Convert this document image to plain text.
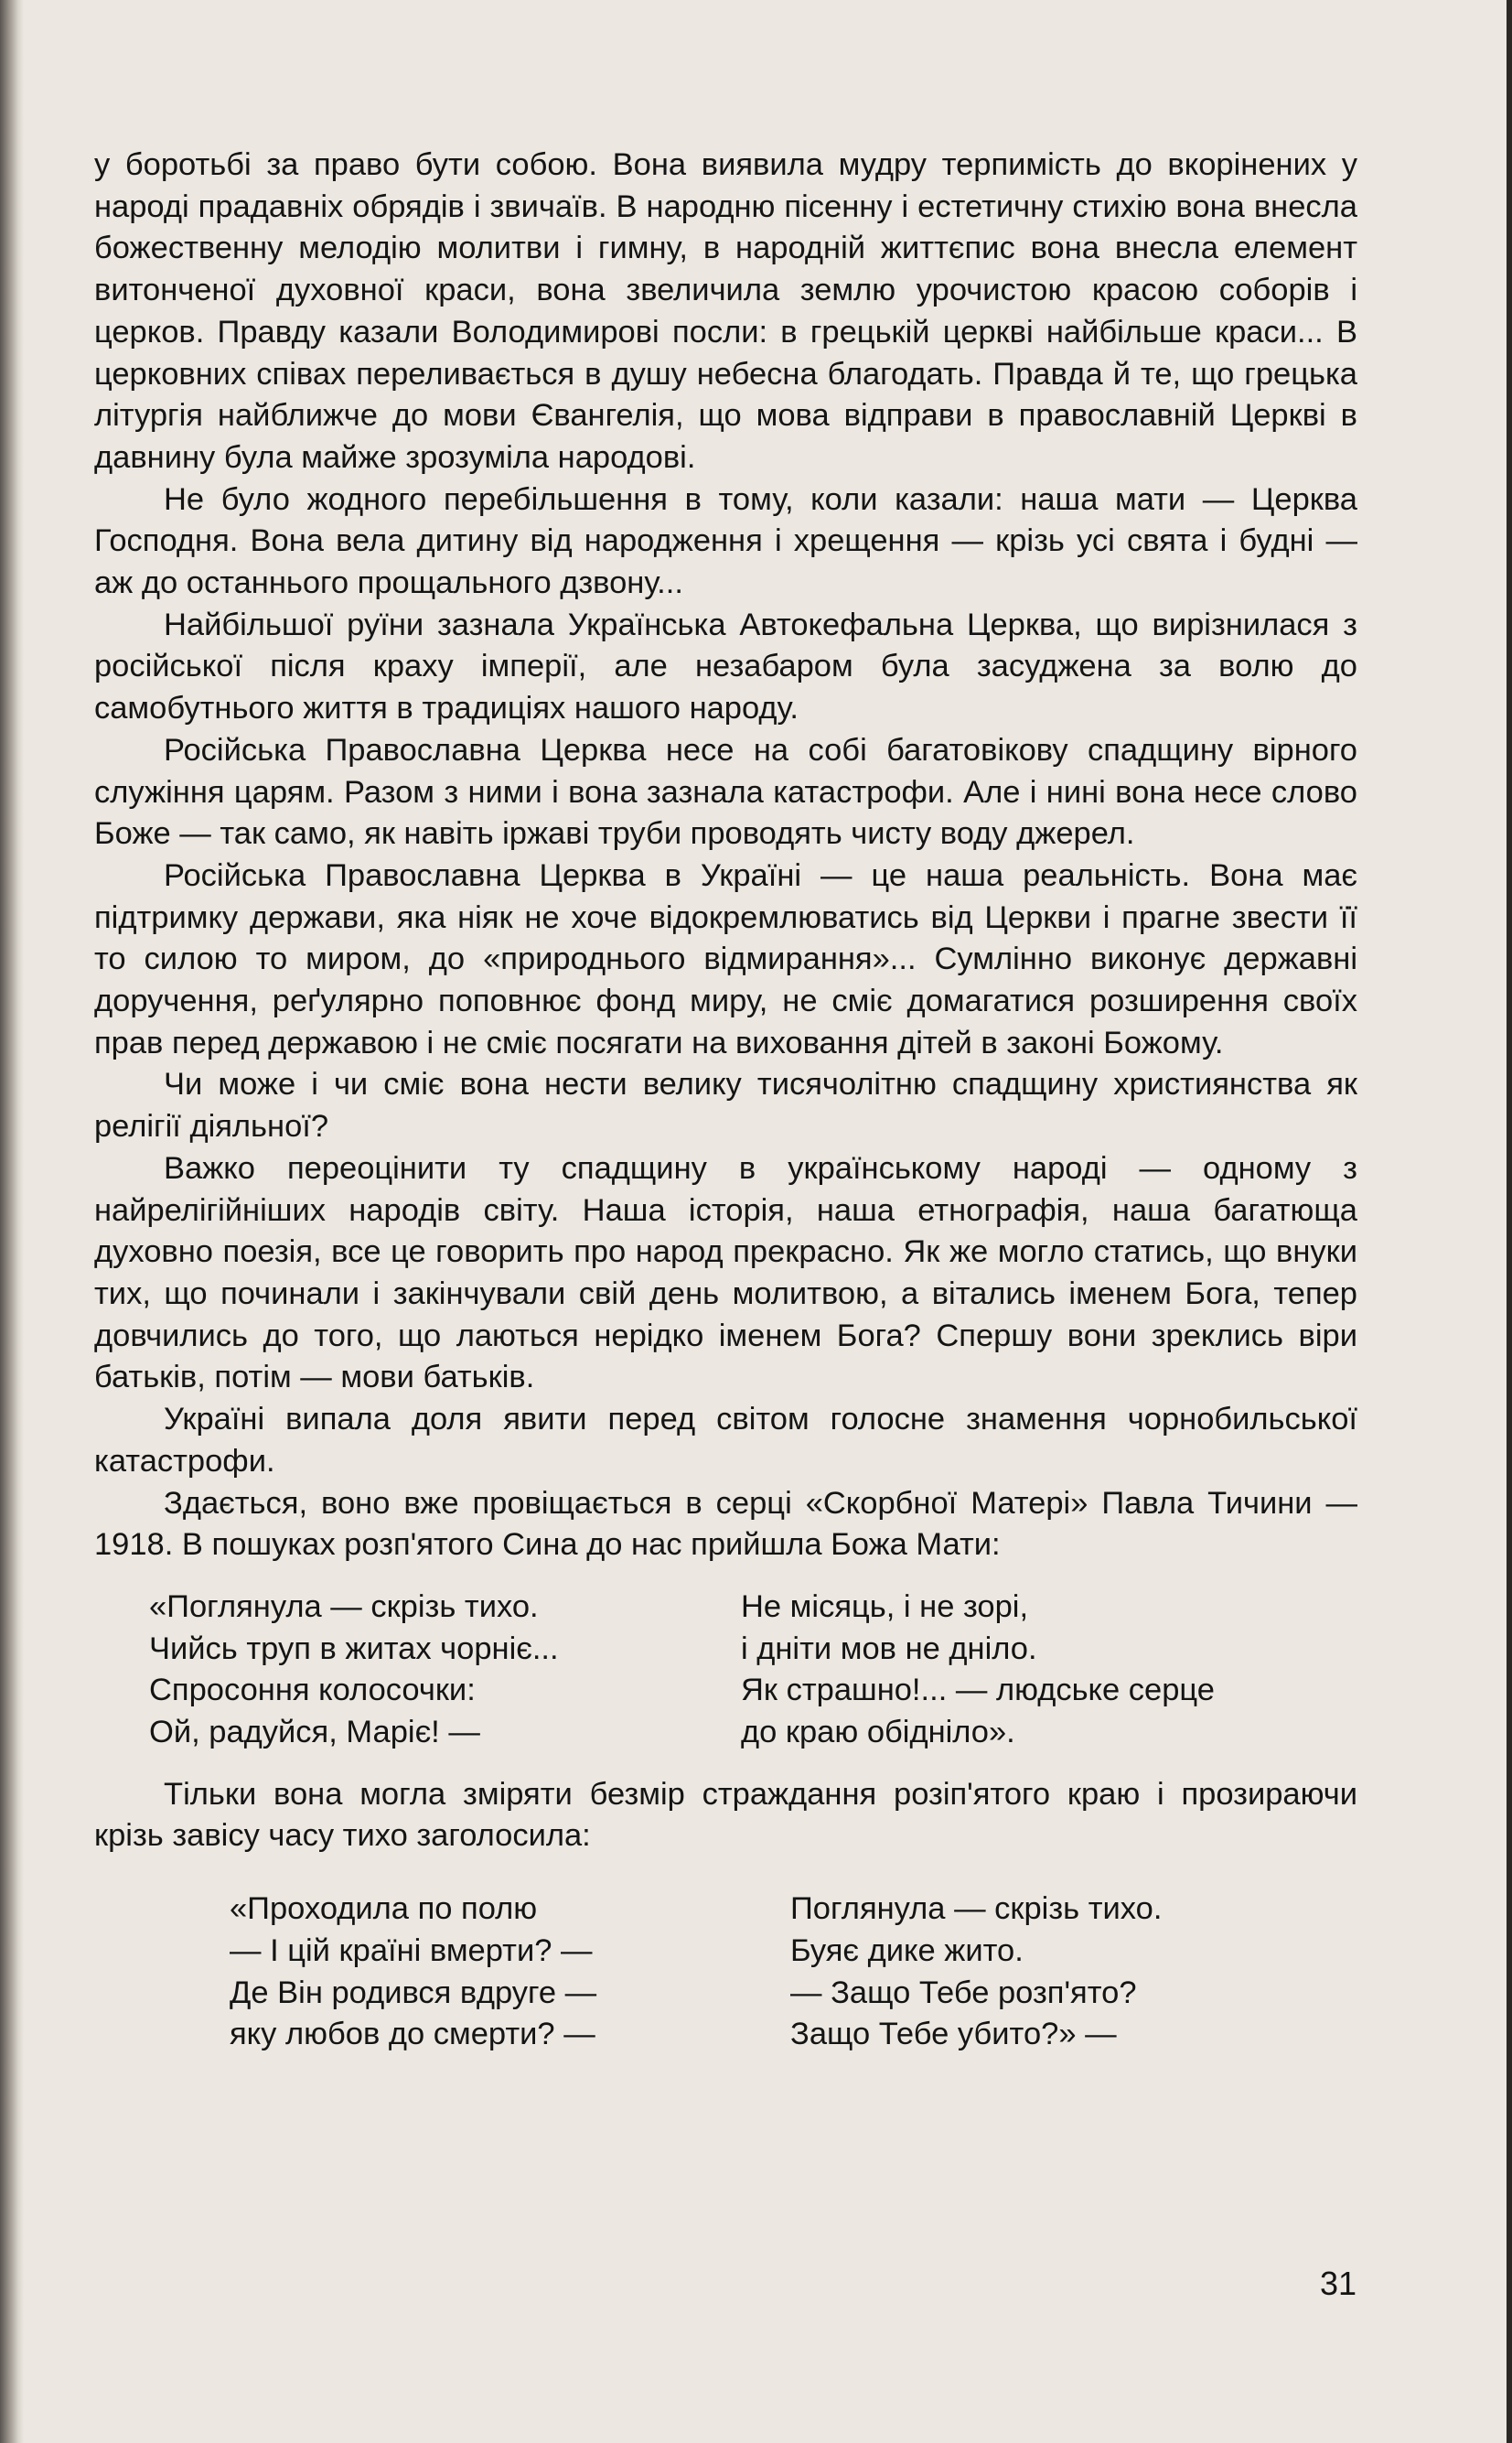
у боротьбі за право бути собою. Вона виявила мудру терпимість до вкорінених у народі прадавніх обрядів і звичаїв. В народню пісенну і естетичну стихію вона внесла божественну мелодію молитви і гимну, в народній життєпис вона внесла елемент витонченої духовної краси, вона звеличила землю урочистою красою соборів і церков. Правду казали Володимирові посли: в грецькій церкві найбільше краси... В церковних співах переливається в душу небесна благодать. Правда й те, що грецька літургія найближче до мови Євангелія, що мова відправи в православній Церкві в давнину була майже зрозуміла народові.

Не було жодного перебільшення в тому, коли казали: наша мати — Церква Господня. Вона вела дитину від народження і хрещення — крізь усі свята і будні — аж до останнього прощального дзвону...

Найбільшої руїни зазнала Українська Автокефальна Церква, що вирізнилася з російської після краху імперії, але незабаром була засуджена за волю до самобутнього життя в традиціях нашого народу.

Російська Православна Церква несе на собі багатовікову спадщину вірного служіння царям. Разом з ними і вона зазнала катастрофи. Але і нині вона несе слово Боже — так само, як навіть іржаві труби проводять чисту воду джерел.

Російська Православна Церква в Україні — це наша реальність. Вона має підтримку держави, яка ніяк не хоче відокремлюватись від Церкви і прагне звести її то силою то миром, до «природнього відмирання»... Сумлінно виконує державні доручення, реґулярно поповнює фонд миру, не сміє домагатися розширення своїх прав перед державою і не сміє посягати на виховання дітей в законі Божому.

Чи може і чи сміє вона нести велику тисячолітню спадщину християнства як релігії діяльної?

Важко переоцінити ту спадщину в українському народі — одному з найрелігійніших народів світу. Наша історія, наша етнографія, наша багатюща духовно поезія, все це говорить про народ прекрасно. Як же могло статись, що внуки тих, що починали і закінчували свій день молитвою, а вітались іменем Бога, тепер довчились до того, що лаються нерідко іменем Бога? Спершу вони зреклись віри батьків, потім — мови батьків.

Україні випала доля явити перед світом голосне знамення чорнобильської катастрофи.

Здається, воно вже провіщається в серці «Скорбної Матері» Павла Тичини — 1918. В пошуках розп'ятого Сина до нас прийшла Божа Мати:

«Поглянула — скрізь тихо.
Чийсь труп в житах чорніє...
Спросоння колосочки:
Ой, радуйся, Маріє! —
Не місяць, і не зорі,
і дніти мов не дніло.
Як страшно!... — людське серце
до краю обідніло».

Тільки вона могла зміряти безмір страждання розіп'ятого краю і прозираючи крізь завісу часу тихо заголосила:

«Проходила по полю
— І цій країні вмерти? —
Де Він родився вдруге —
яку любов до смерти? —
Поглянула — скрізь тихо.
Буяє дике жито.
— Защо Тебе розп'ято?
Защо Тебе убито?» —
31
